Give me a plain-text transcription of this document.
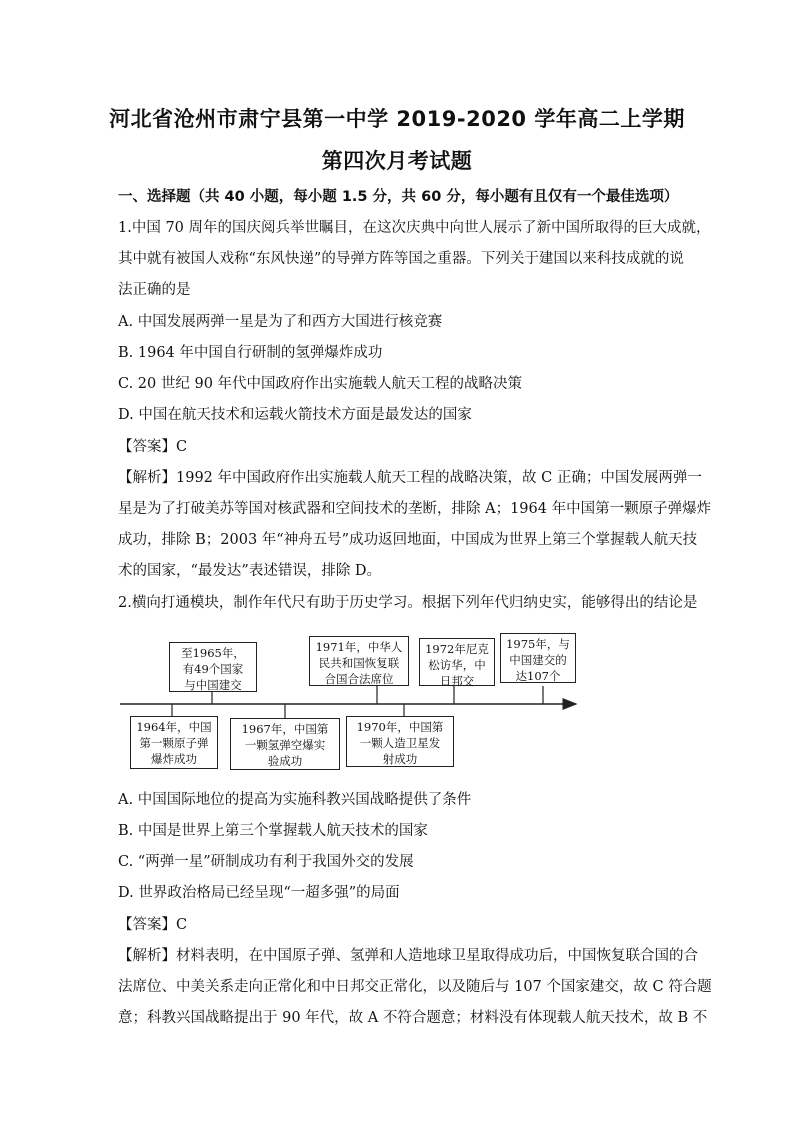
河北省沧州市肃宁县第一中学 2019-2020 学年高二上学期
第四次月考试题
一、选择题（共 40 小题，每小题 1.5 分，共 60 分，每小题有且仅有一个最佳选项）
1.中国 70 周年的国庆阅兵举世瞩目，在这次庆典中向世人展示了新中国所取得的巨大成就，
其中就有被国人戏称“东风快递”的导弹方阵等国之重器。下列关于建国以来科技成就的说
法正确的是
A. 中国发展两弹一星是为了和西方大国进行核竞赛
B. 1964 年中国自行研制的氢弹爆炸成功
C. 20 世纪 90 年代中国政府作出实施载人航天工程的战略决策
D. 中国在航天技术和运载火箭技术方面是最发达的国家
【答案】C
【解析】1992 年中国政府作出实施载人航天工程的战略决策，故 C 正确；中国发展两弹一
星是为了打破美苏等国对核武器和空间技术的垄断，排除 A；1964 年中国第一颗原子弹爆炸
成功，排除 B；2003 年“神舟五号”成功返回地面，中国成为世界上第三个掌握载人航天技
术的国家，“最发达”表述错误，排除 D。
2.横向打通模块，制作年代尺有助于历史学习。根据下列年代归纳史实，能够得出的结论是
至1965年，
有49个国家
与中国建交
1971年，中华人
民共和国恢复联
合国合法席位
1972年尼克
松访华，中
日邦交
1975年，与
中国建交的
达107个
1964年，中国
第一颗原子弹
爆炸成功
1967年，中国第
一颗氢弹空爆实
验成功
1970年，中国第
一颗人造卫星发
射成功
A. 中国国际地位的提高为实施科教兴国战略提供了条件
B. 中国是世界上第三个掌握载人航天技术的国家
C. “两弹一星”研制成功有利于我国外交的发展
D. 世界政治格局已经呈现“一超多强”的局面
【答案】C
【解析】材料表明，在中国原子弹、氢弹和人造地球卫星取得成功后，中国恢复联合国的合
法席位、中美关系走向正常化和中日邦交正常化，以及随后与 107 个国家建交，故 C 符合题
意；科教兴国战略提出于 90 年代，故 A 不符合题意；材料没有体现载人航天技术，故 B 不
